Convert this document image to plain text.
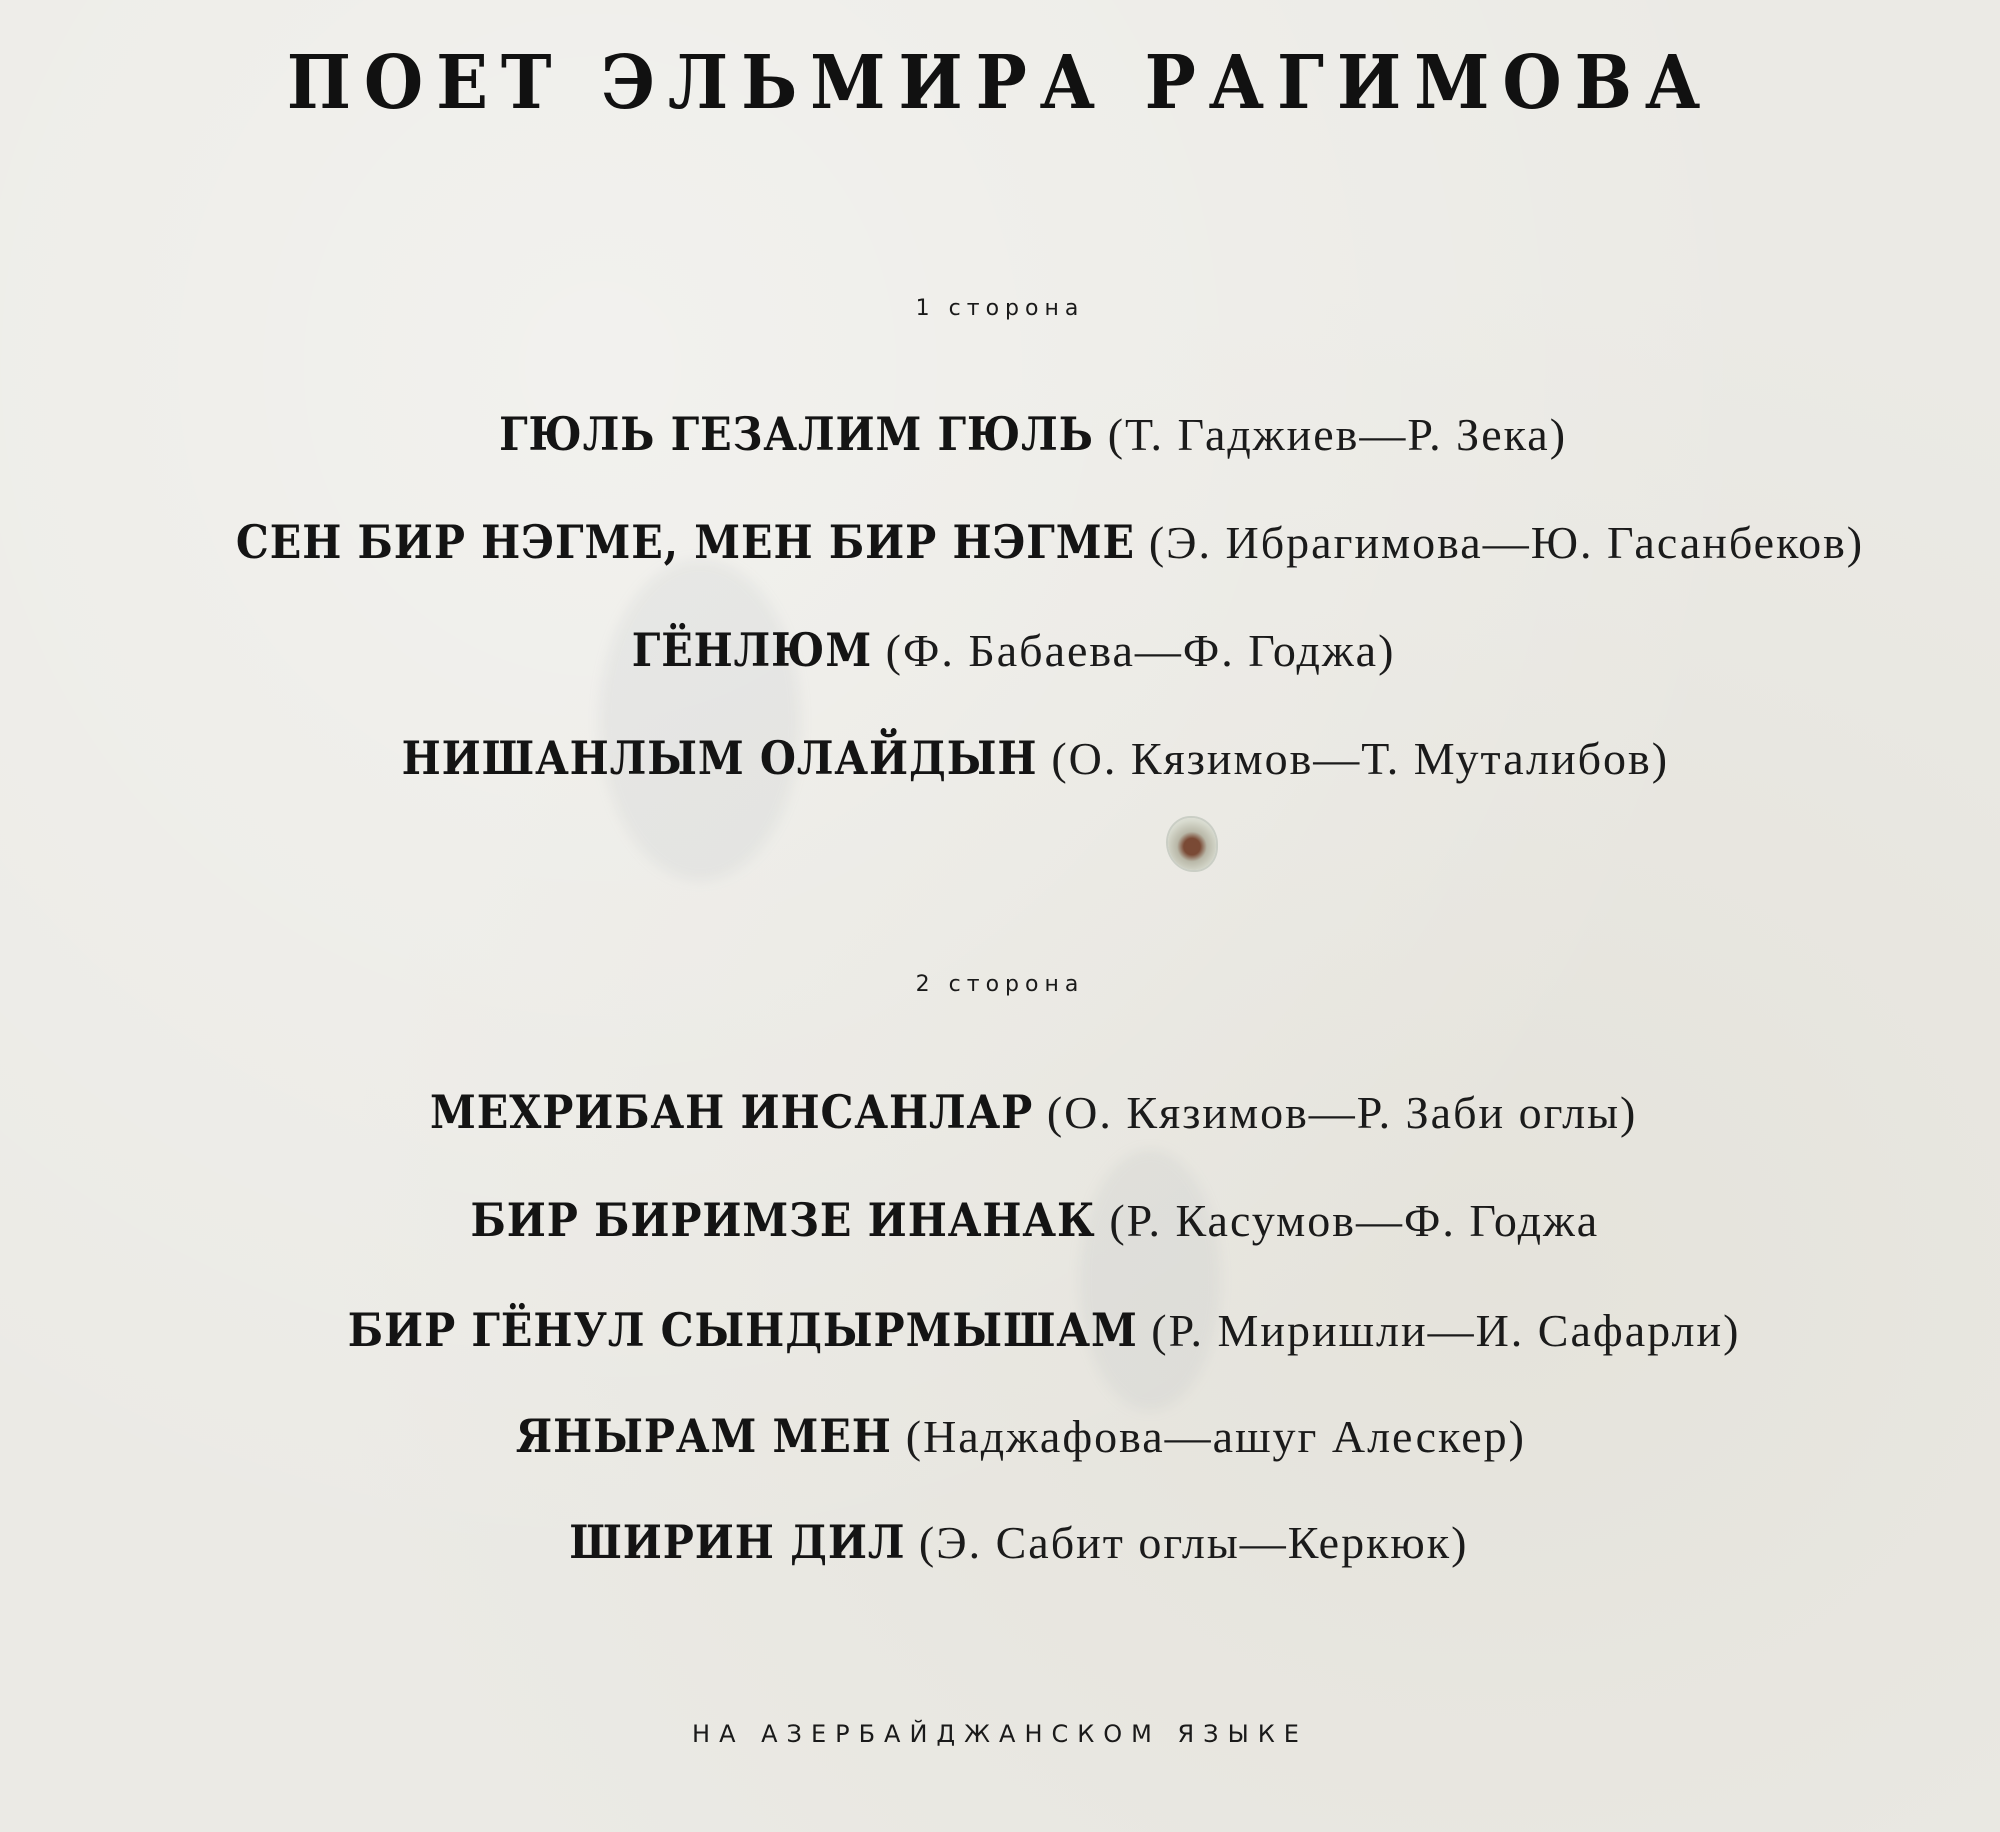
ПОЕТ ЭЛЬМИРА РАГИМОВА
1 сторона
ГЮЛЬ ГЕЗАЛИМ ГЮЛЬ (Т. Гаджиев—Р. Зека)
СЕН БИР НЭГМЕ, МЕН БИР НЭГМЕ (Э. Ибрагимова—Ю. Гасанбеков)
ГЁНЛЮМ (Ф. Бабаева—Ф. Годжа)
НИШАНЛЫМ ОЛАЙДЫН (О. Кязимов—Т. Муталибов)
2 сторона
МЕХРИБАН ИНСАНЛАР (О. Кязимов—Р. Заби оглы)
БИР БИРИМЗЕ ИНАНАК (Р. Касумов—Ф. Годжа
БИР ГЁНУЛ СЫНДЫРМЫШАМ (Р. Миришли—И. Сафарли)
ЯНЫРАМ МЕН (Наджафова—ашуг Алескер)
ШИРИН ДИЛ (Э. Сабит оглы—Керкюк)
НА АЗЕРБАЙДЖАНСКОМ ЯЗЫКЕ
